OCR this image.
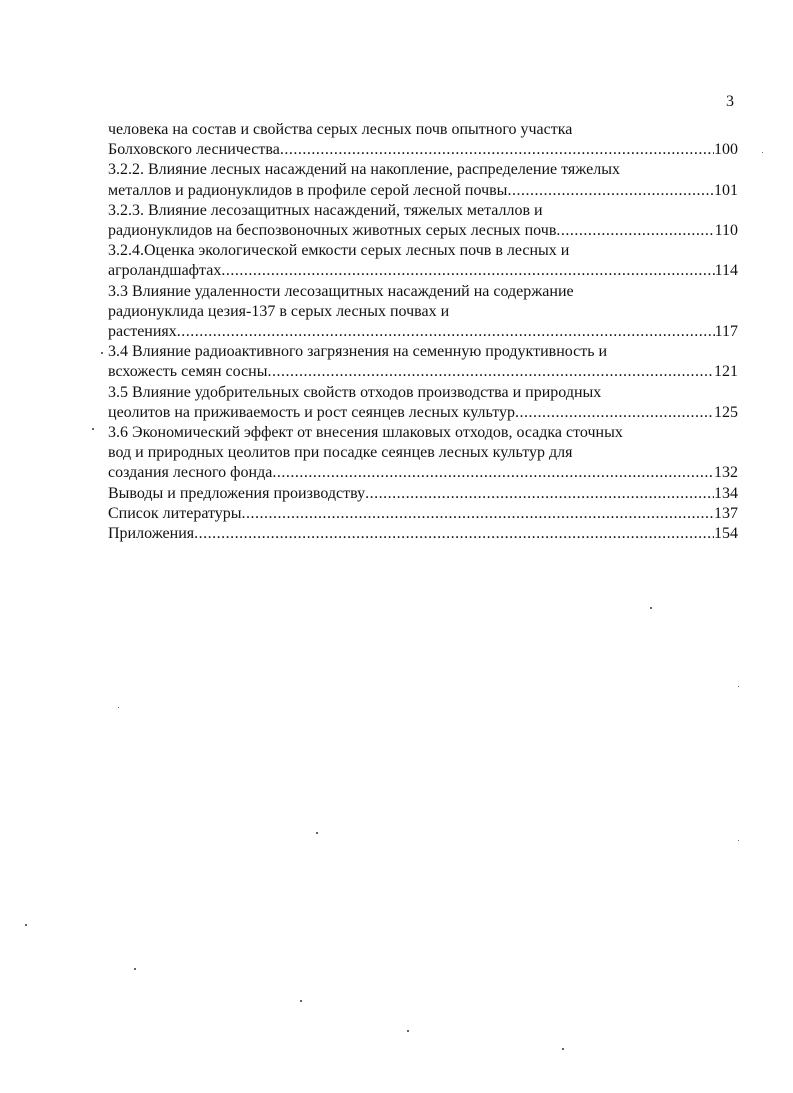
3
человека на состав и свойства серых лесных почв опытного участка
Болховского лесничества .....	100
3.2.2. Влияние лесных насаждений на накопление, распределение тяжелых
металлов и радионуклидов в профиле серой лесной почвы .....	101
3.2.3. Влияние лесозащитных насаждений, тяжелых металлов и
радионуклидов на беспозвоночных животных серых лесных почв .....	110
3.2.4.Оценка экологической емкости серых лесных почв в лесных и
агроландшафтах .....	114
3.3 Влияние удаленности лесозащитных насаждений на содержание
радионуклида цезия-137 в серых лесных почвах и
растениях .....	117
3.4 Влияние радиоактивного загрязнения на семенную продуктивность и
всхожесть семян сосны .....	121
3.5 Влияние удобрительных свойств отходов производства и природных
цеолитов на приживаемость и рост сеянцев лесных культур .....	125
3.6 Экономический эффект от внесения шлаковых отходов, осадка сточных
вод и природных цеолитов при посадке сеянцев лесных культур для
создания лесного фонда .....	132
Выводы и предложения производству .....	134
Список литературы .....	137
Приложения .....	154
